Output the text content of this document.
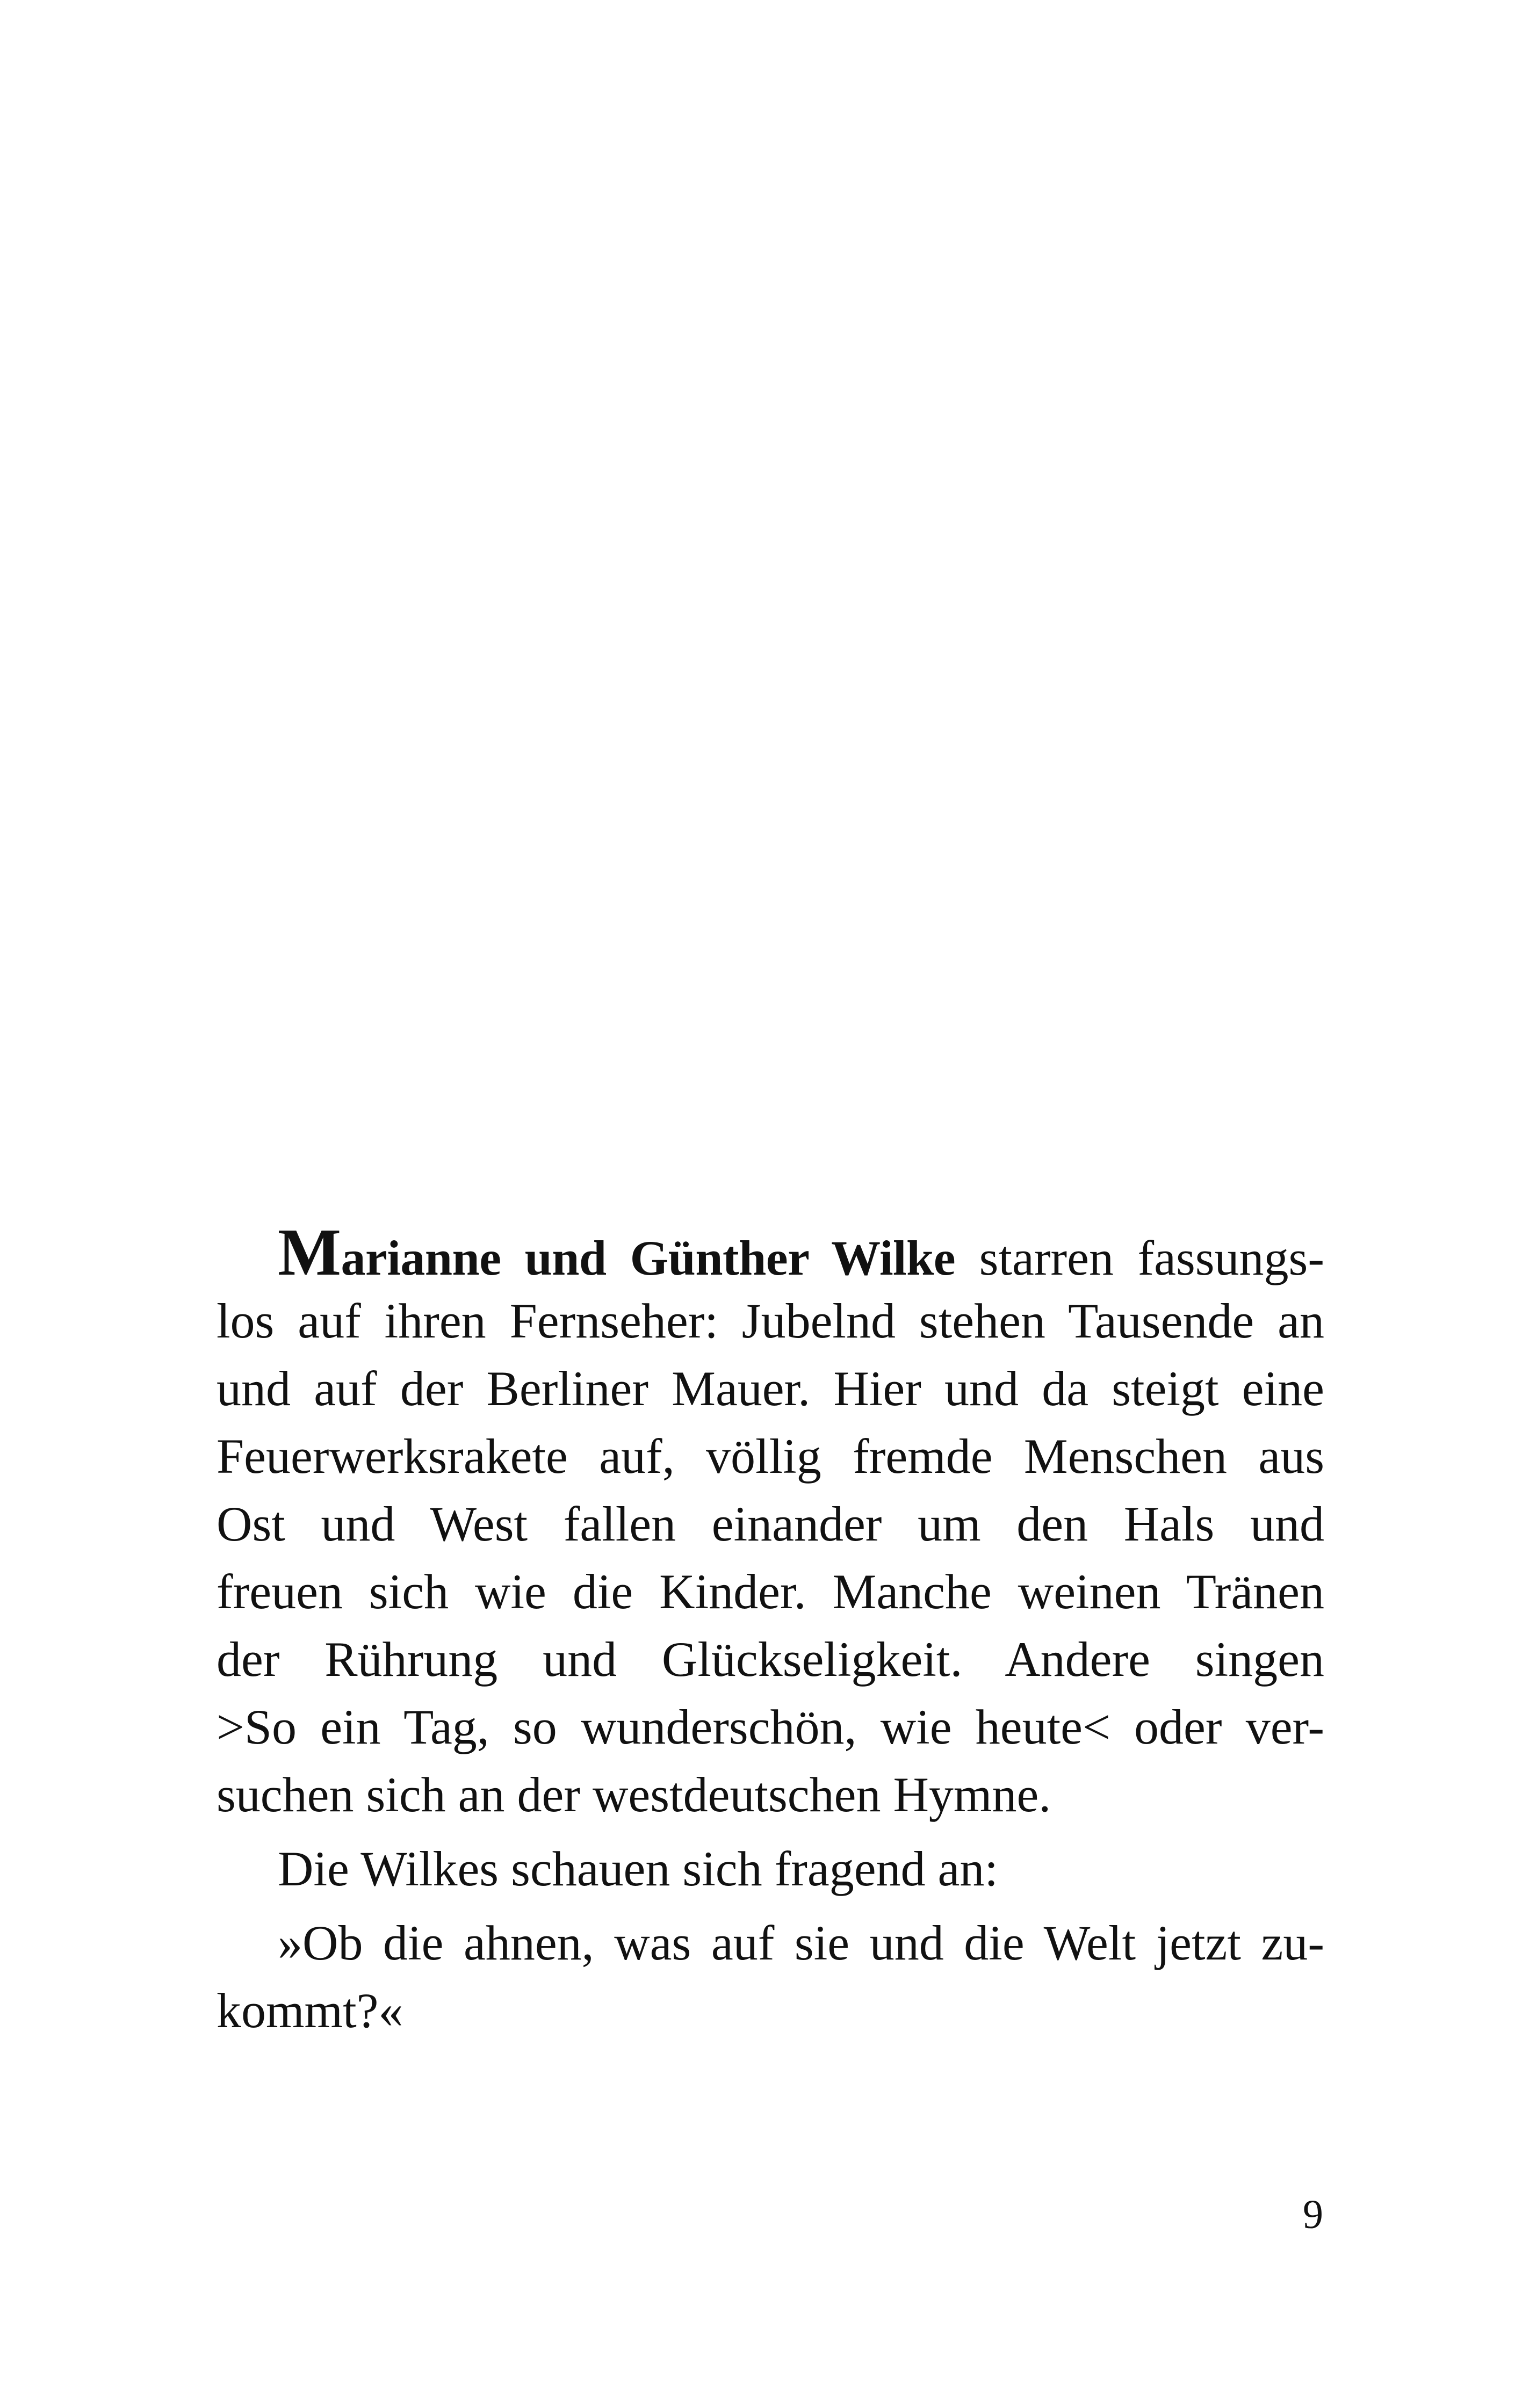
Marianne und Günther Wilke starren fassungs-
los auf ihren Fernseher: Jubelnd stehen Tausende an
und auf der Berliner Mauer. Hier und da steigt eine
Feuerwerksrakete auf, völlig fremde Menschen aus
Ost und West fallen einander um den Hals und
freuen sich wie die Kinder. Manche weinen Tränen
der Rührung und Glückseligkeit. Andere singen
>So ein Tag, so wunderschön, wie heute< oder ver-
suchen sich an der westdeutschen Hymne.
Die Wilkes schauen sich fragend an:
»Ob die ahnen, was auf sie und die Welt jetzt zu-
kommt?«
9
